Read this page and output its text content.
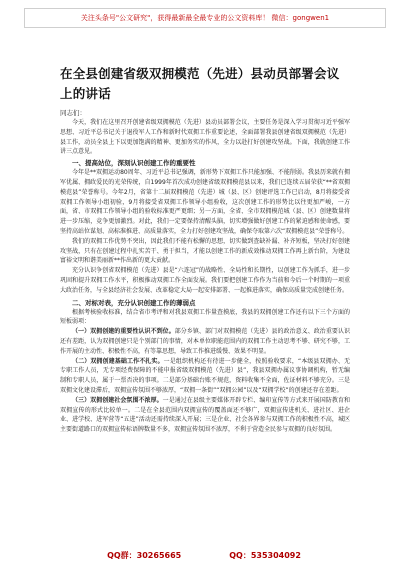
关注头条号"公文研究"，获得最新最全最专业的公文资料库！ 微信：gongwen1
在全县创建省级双拥模范（先进）县动员部署会议上的讲话
同志们：

今天，我们在这里召开创建省级双拥模范（先进）县动员部署会议，主要任务是深入学习贯彻习近平强军思想、习近平总书记关于退役军人工作和新时代双拥工作重要论述，全面部署我县创建省级双拥模范（先进）县工作，动员全县上下以更加饱满的精神、更加务实的作风，全力以赴打好创建攻坚战。下面，我就创建工作讲三点意见。

一、提高站位，深刻认识创建工作的重要性

今年是**双拥运动80周年、习近平总书记强调，新形势下双拥工作只能加强、不能削弱。我县历来就有拥军优属、拥政爱民的光荣传统，自1999年首次成功创建省级双拥模范县以来，我们已连续五届荣获“**省双拥模范县”荣誉称号。今年2月，省第十二届双拥模范（先进）城（县、区）创建评选工作已启动，8月将接受省双拥工作领导小组初验，9月将接受省双拥工作领导小组验收，这次创建工作的形势比以往更加严峻，一方面，省、市双拥工作领导小组的验收标准更严更细；另一方面，全省、全市双拥模范城（县、区）创建数量将进一步压缩，竞争更加激烈。对此，我们一定要保持清醒头脑，切实增强做好创建工作的紧迫感和使命感，要坚持高站位谋划、高标准推进、高质量落实，全力打好创建攻坚战，确保夺取第六次“双拥模范县”荣誉称号。

我们的双拥工作优势不突出，因此我们不能有松懈的思想，切实做到查缺补漏、补齐短板，坚决打好创建攻坚战，只有在创建过程中扎实苦干、勇于担当，才能以创建工作的新成效推动双拥工作再上新台阶，为建设富裕文明和谐美丽新**作出新的更大贡献。

充分认识争创省双拥模范（先进）县是“六连冠”的战略性、全局性和长期性，以创建工作为抓手，进一步巩固和提升双拥工作水平，积极推动双拥工作全面发展。我们要把创建工作作为当前和今后一个时期的一项重大政治任务，与全县经济社会发展、改革稳定大局一起安排部署、一起推进落实，确保高质量完成创建任务。

二、对标对表，充分认识创建工作的薄弱点

根据考核验收标准，结合省市考评和对我县双拥工作量查摸底，我县的双拥创建工作还有以下三个方面的短板弱项：

（一）双拥创建的重要性认识不到位。部分乡镇、部门对双拥模范（先进）县的政治意义、政治重要认识还有差距，认为双拥创建只是个别部门的事情，对本单位职能范围内的双拥工作主动思考不够、研究不够，工作开展的主动性、积极性不高，有等靠思想，导致工作推进缓慢、效果不明显。

（二）双拥创建基础工作不扎实。一是组织机构还有待进一步健全，按照验收要求，“本级县双拥办、无专职工作人员，无专项经费保障的不能申报省级双拥模范（先进）县”，我县双拥办属议事协调机构，暂无编制和专职人员，属于一票否决的事项。二是部分基础台账不规范，资料收集不全面，佐证材料不够充分。三是双拥文化建设滞后，双拥宣传氛围不够浓厚，“双拥一条街”“双拥公园”以及“双拥学校”的创建还存在差距。

（三）双拥创建社会氛围不浓厚。一是通过在县级主要媒体开辟专栏、编印宣传等方式来开展国防教育和双拥宣传的形式比较单一。二是在全县范围内双拥宣传的覆盖面还不够广，双拥宣传进机关、进社区、进企业、进学校、进军营等“五进”活动还需持续深入开展；三是企业、社会各界参与双拥工作的积极性不高，城区主要街道路口的双拥宣传标语牌数量不多，双拥宣传氛围不浓厚，不利于营造全民参与双拥的良好氛围。

QQ群：30265665	QQ：535304092
